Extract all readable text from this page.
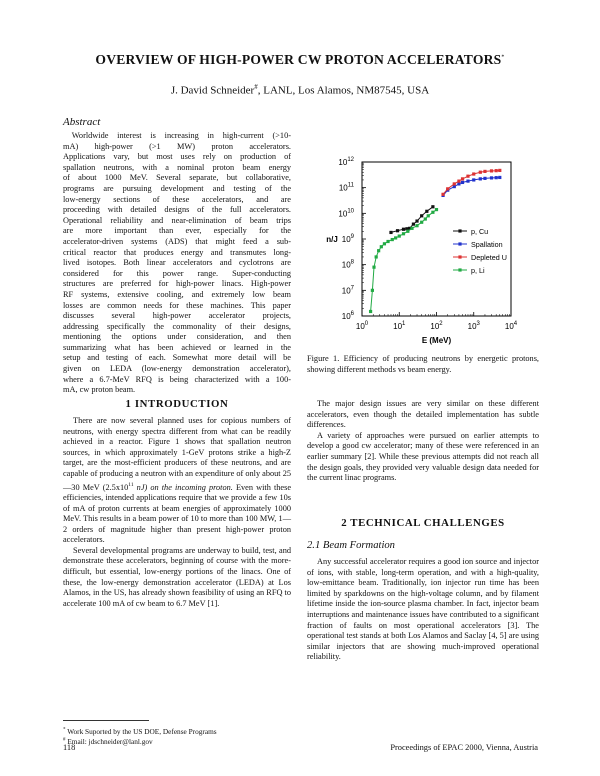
OVERVIEW OF HIGH-POWER CW PROTON ACCELERATORS*
J. David Schneider#, LANL, Los Alamos, NM87545, USA
Abstract
Worldwide interest is increasing in high-current (>10-
mA) high-power (>1 MW) proton accelerators.
Applications vary, but most uses rely on production of
spallation neutrons, with a nominal proton beam energy
of about 1000 MeV. Several separate, but collaborative,
programs are pursuing development and testing of the
low-energy sections of these accelerators, and are
proceeding with detailed designs of the full accelerators.
Operational reliability and near-elimination of beam trips
are more important than ever, especially for the
accelerator-driven systems (ADS) that might feed a sub-
critical reactor that produces energy and transmutes long-
lived isotopes. Both linear accelerators and cyclotrons are
considered for this power range. Super-conducting
structures are preferred for high-power linacs. High-power
RF systems, extensive cooling, and extremely low beam
losses are common needs for these machines. This paper
discusses several high-power accelerator projects,
addressing specifically the commonality of their designs,
mentioning the options under consideration, and then
summarizing what has been achieved or learned in the
setup and testing of each. Somewhat more detail will be
given on LEDA (low-energy demonstration accelerator),
where a 6.7-MeV RFQ is being characterized with a 100-
mA, cw proton beam.
1 INTRODUCTION

There are now several planned uses for copious numbers of neutrons, with energy spectra different from what can be readily achieved in a reactor. Figure 1 shows that spallation neutron sources, in which approximately 1-GeV protons strike a high-Z target, are the most-efficient producers of these neutrons, and are capable of producing a neutron with an expenditure of only about 25—30 MeV ($2.5x10^{11}$ nJ) on the incoming proton. Even with these efficiencies, intended applications require that we provide a few 10s of mA of proton currents at beam energies of approximately 1000 MeV. This results in a beam power of 10 to more than 100 MW, 1—2 orders of magnitude higher than present high-power proton accelerators.

Several developmental programs are underway to build, test, and demonstrate these accelerators, beginning of course with the more-difficult, but essential, low-energy portions of the linacs. One of these, the low-energy demonstration accelerator (LEDA) at Los Alamos, in the US, has already shown feasibility of using an RFQ to accelerate 100 mA of cw beam to 6.7 MeV [1].

* Work Suported by the US DOE, Defense Programs
# Email: jdschneider@lanl.gov
$10^6$
$10^7$
$10^8$
$10^9$
$10^{10}$
$10^{11}$
$10^{12}$
$10^0$	$10^1$	$10^2$	$10^3$	$10^4$
E (MeV)
n/J
p, Cu
Spallation
Depleted U
p, Li
Figure 1. Efficiency of producing neutrons by energetic protons, showing different methods vs beam energy.

The major design issues are very similar on these different accelerators, even though the detailed implementation has subtle differences.

A variety of approaches were pursued on earlier attempts to develop a good cw accelerator; many of these were referenced in an earlier summary [2]. While these previous attempts did not reach all the design goals, they provided very valuable design data needed for the current linac programs.

2 TECHNICAL CHALLENGES
2.1 Beam Formation

Any successful accelerator requires a good ion source and injector of ions, with stable, long-term operation, and with a high-quality, low-emittance beam. Traditionally, ion injector run time has been limited by sparkdowns on the high-voltage column, and by filament lifetime inside the ion-source plasma chamber. In fact, injector beam interruptions and maintenance issues have contributed to a significant fraction of faults on most operational accelerators [3]. The operational test stands at both Los Alamos and Saclay [4, 5] are using similar injectors that are showing much-improved operational reliability.

118	Proceedings of EPAC 2000, Vienna, Austria
